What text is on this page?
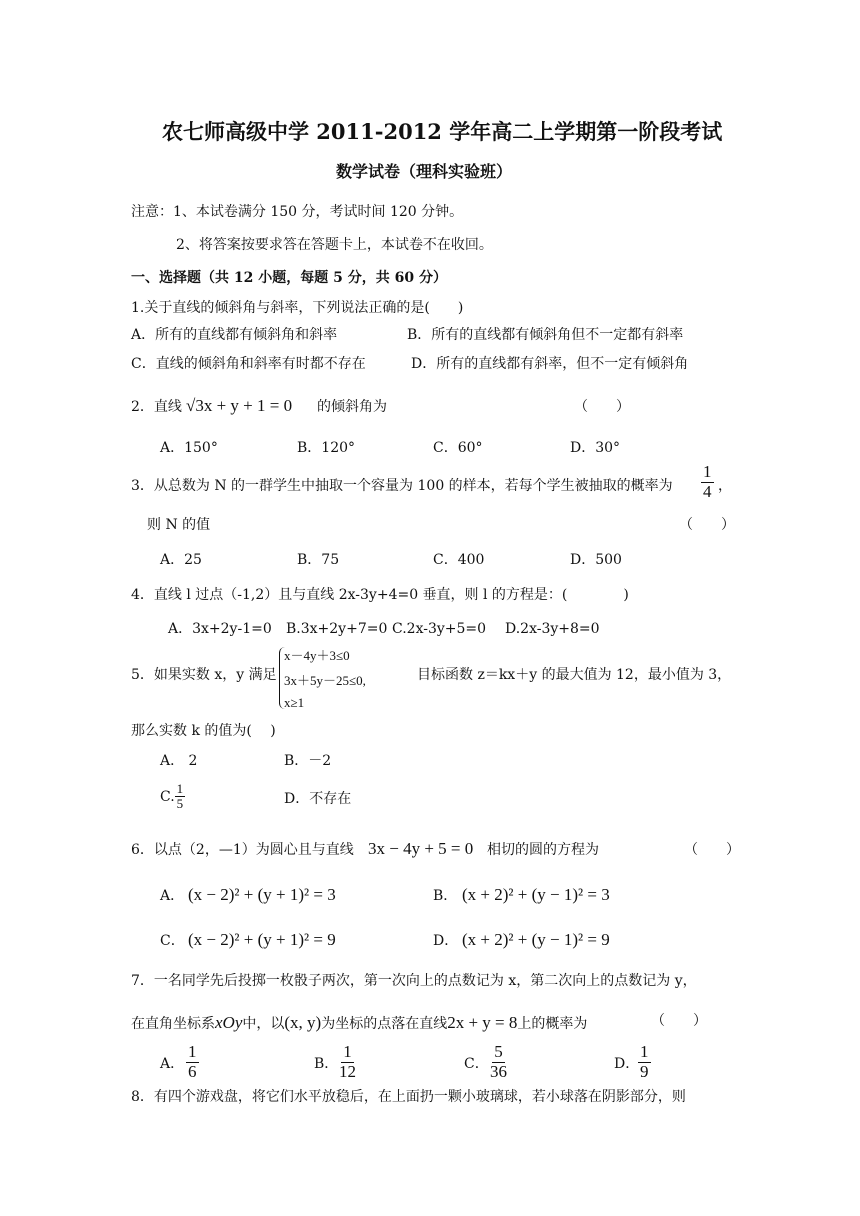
农七师高级中学 2011-2012 学年高二上学期第一阶段考试
数学试卷（理科实验班）
注意：1、本试卷满分 150 分，考试时间 120 分钟。
2、将答案按要求答在答题卡上，本试卷不在收回。
一、选择题（共 12 小题，每题 5 分，共 60 分）
1.关于直线的倾斜角与斜率，下列说法正确的是(　　)
A．所有的直线都有倾斜角和斜率	B．所有的直线都有倾斜角但不一定都有斜率
C．直线的倾斜角和斜率有时都不存在	D．所有的直线都有斜率，但不一定有倾斜角
2．直线 √3x + y + 1 = 0 的倾斜角为	（　　）
A．150°	B．120°	C．60°	D．30°
3．从总数为 N 的一群学生中抽取一个容量为 100 的样本，若每个学生被抽取的概率为 $\frac{1}{4}$ ，
则 N 的值	（　　）
A．25	B．75	C．400	D．500
4．直线 l 过点（-1,2）且与直线 2x-3y+4=0 垂直，则 l 的方程是：(　　　　)
A．3x+2y-1=0 B.3x+2y+7=0 C.2x-3y+5=0 D.2x-3y+8=0
5．如果实数 x，y 满足
x－4y＋3≤0
3x＋5y－25≤0,
x≥1
目标函数 z＝kx＋y 的最大值为 12，最小值为 3，
那么实数 k 的值为(　 )
A． 2	B．－2
C. $\frac{1}{5}$	D．不存在
6．以点（2，—1）为圆心且与直线 3x − 4y + 5 = 0 相切的圆的方程为	（　　）
A． (x − 2)² + (y + 1)² = 3	B． (x + 2)² + (y − 1)² = 3
C． (x − 2)² + (y + 1)² = 9	D． (x + 2)² + (y − 1)² = 9
7．一名同学先后投掷一枚骰子两次，第一次向上的点数记为 x，第二次向上的点数记为 y，
在直角坐标系xOy中，以(x, y)为坐标的点落在直线2x + y = 8上的概率为	（　　）
A． $\frac{1}{6}$	B．
$\frac{1}{12}$	C． $\frac{5}{36}$	D．
$\frac{1}{9}$
8．有四个游戏盘，将它们水平放稳后，在上面扔一颗小玻璃球，若小球落在阴影部分，则
